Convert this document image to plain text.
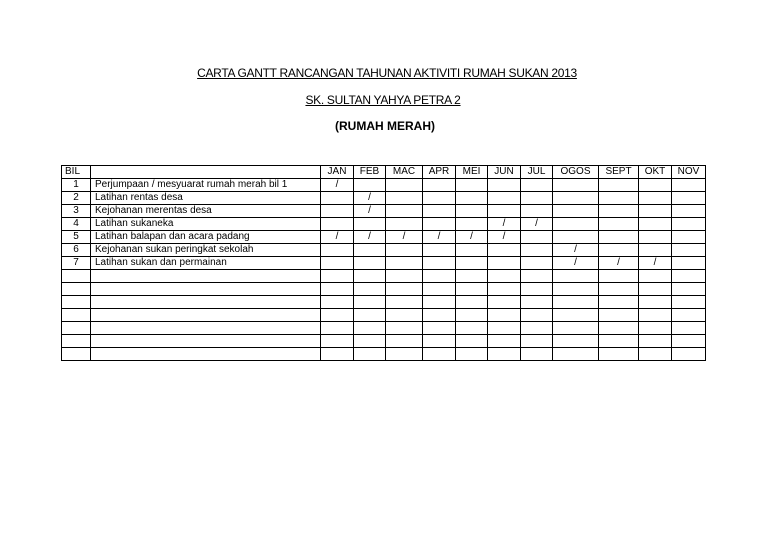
CARTA GANTT RANCANGAN TAHUNAN AKTIVITI RUMAH SUKAN 2013
SK. SULTAN YAHYA PETRA 2
(RUMAH MERAH)
BIL		JAN	FEB	MAC	APR	MEI	JUN	JUL	OGOS	SEPT	OKT	NOV
1	Perjumpaan / mesyuarat rumah merah bil 1	/										
2	Latihan rentas desa		/									
3	Kejohanan merentas desa		/									
4	Latihan sukaneka						/	/				
5	Latihan balapan dan acara padang	/	/	/	/	/	/					
6	Kejohanan sukan peringkat sekolah								/			
7	Latihan sukan dan permainan								/	/	/	
